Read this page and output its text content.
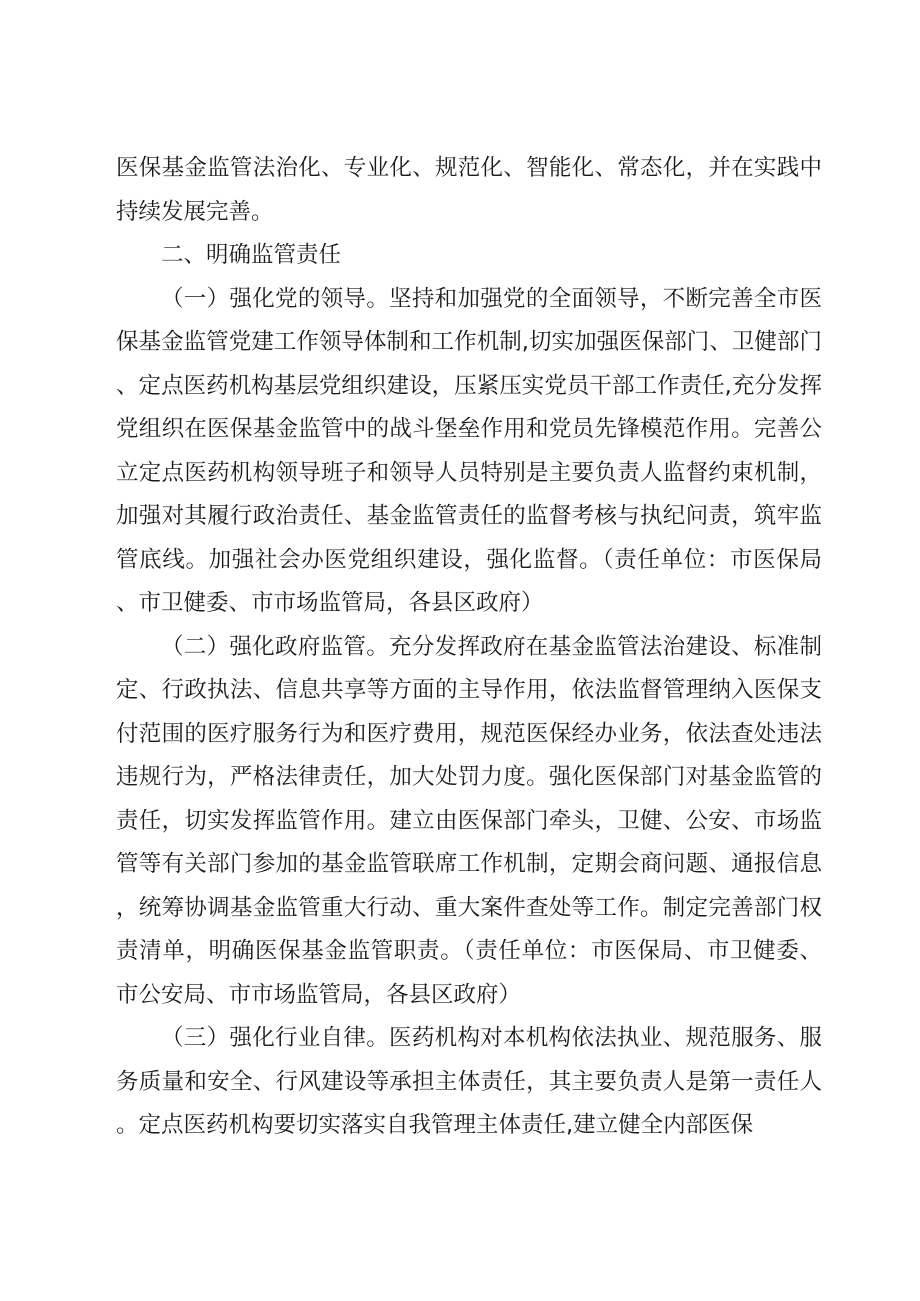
医保基金监管法治化、专业化、规范化、智能化、常态化，并在实践中持续发展完善。

二、明确监管责任

（一）强化党的领导。坚持和加强党的全面领导，不断完善全市医保基金监管党建工作领导体制和工作机制,切实加强医保部门、卫健部门、定点医药机构基层党组织建设，压紧压实党员干部工作责任,充分发挥党组织在医保基金监管中的战斗堡垒作用和党员先锋模范作用。完善公立定点医药机构领导班子和领导人员特别是主要负责人监督约束机制，加强对其履行政治责任、基金监管责任的监督考核与执纪问责，筑牢监管底线。加强社会办医党组织建设，强化监督。（责任单位：市医保局、市卫健委、市市场监管局，各县区政府）

（二）强化政府监管。充分发挥政府在基金监管法治建设、标准制定、行政执法、信息共享等方面的主导作用，依法监督管理纳入医保支付范围的医疗服务行为和医疗费用，规范医保经办业务，依法查处违法违规行为，严格法律责任，加大处罚力度。强化医保部门对基金监管的责任，切实发挥监管作用。建立由医保部门牵头，卫健、公安、市场监管等有关部门参加的基金监管联席工作机制，定期会商问题、通报信息，统筹协调基金监管重大行动、重大案件查处等工作。制定完善部门权责清单，明确医保基金监管职责。（责任单位：市医保局、市卫健委、市公安局、市市场监管局，各县区政府）

（三）强化行业自律。医药机构对本机构依法执业、规范服务、服务质量和安全、行风建设等承担主体责任，其主要负责人是第一责任人。定点医药机构要切实落实自我管理主体责任,建立健全内部医保
